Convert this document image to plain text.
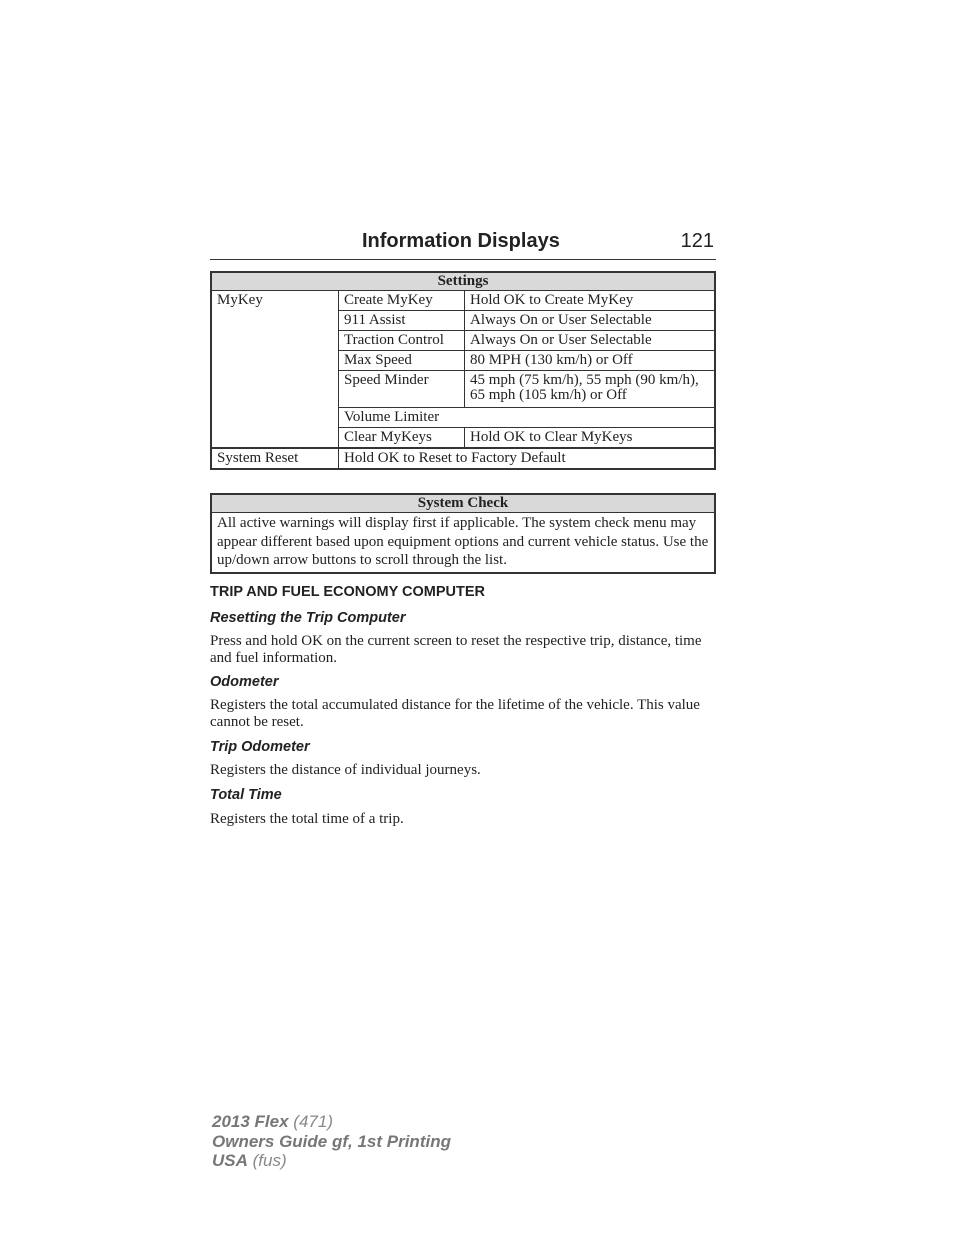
Information Displays	121
Settings		
MyKey	Create MyKey	Hold OK to Create MyKey
	911 Assist	Always On or User Selectable
	Traction Control	Always On or User Selectable
	Max Speed	80 MPH (130 km/h) or Off
	Speed Minder	45 mph (75 km/h), 55 mph (90 km/h), 65 mph (105 km/h) or Off
	Volume Limiter	
	Clear MyKeys	Hold OK to Clear MyKeys
System Reset	Hold OK to Reset to Factory Default	
System Check
All active warnings will display first if applicable. The system check menu may appear different based upon equipment options and current vehicle status. Use the up/down arrow buttons to scroll through the list.
TRIP AND FUEL ECONOMY COMPUTER
Resetting the Trip Computer
Press and hold OK on the current screen to reset the respective trip, distance, time and fuel information.
Odometer
Registers the total accumulated distance for the lifetime of the vehicle. This value cannot be reset.
Trip Odometer
Registers the distance of individual journeys.
Total Time
Registers the total time of a trip.
2013 Flex (471)
Owners Guide gf, 1st Printing
USA (fus)
